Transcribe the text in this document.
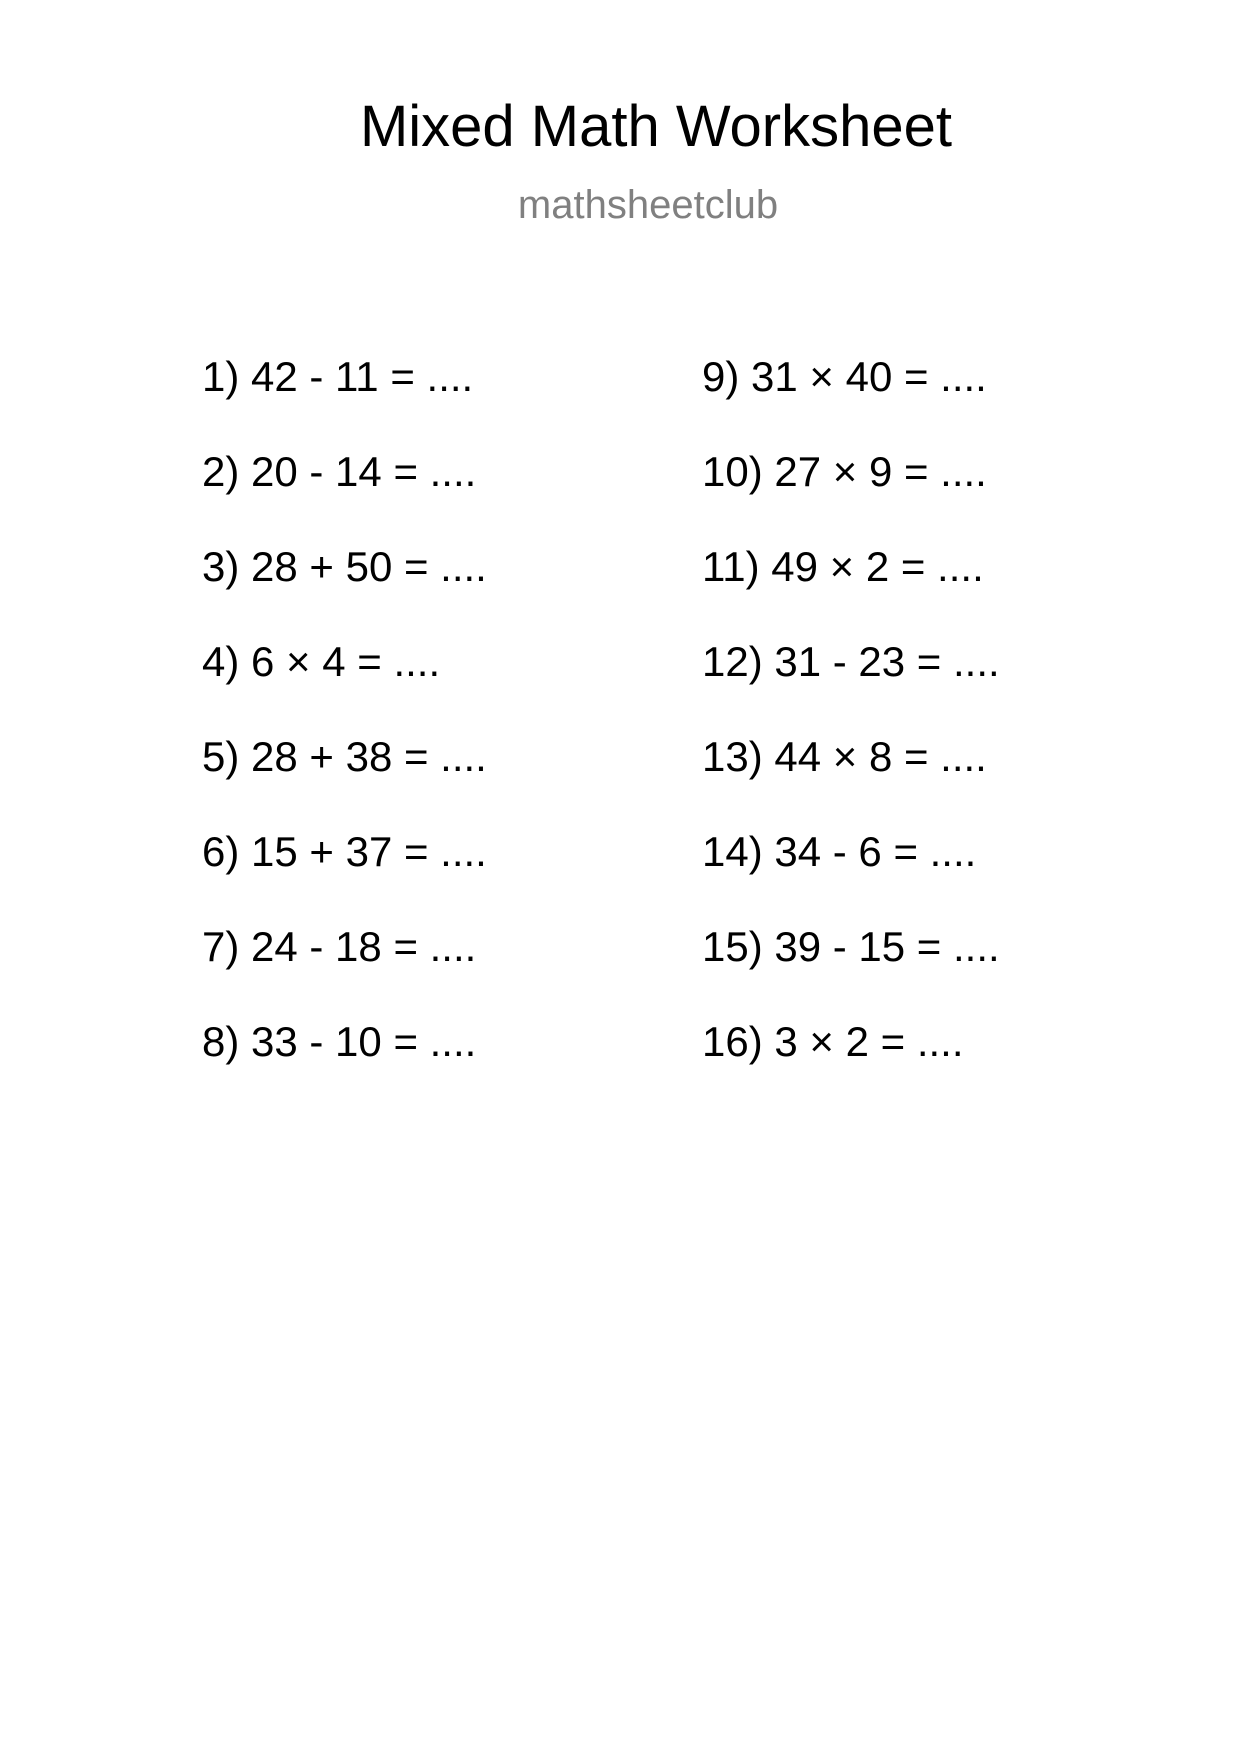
Mixed Math Worksheet
mathsheetclub
1) 42 - 11 = ....
2) 20 - 14 = ....
3) 28 + 50 = ....
4) 6 × 4 = ....
5) 28 + 38 = ....
6) 15 + 37 = ....
7) 24 - 18 = ....
8) 33 - 10 = ....
9) 31 × 40 = ....
10) 27 × 9 = ....
11) 49 × 2 = ....
12) 31 - 23 = ....
13) 44 × 8 = ....
14) 34 - 6 = ....
15) 39 - 15 = ....
16) 3 × 2 = ....
